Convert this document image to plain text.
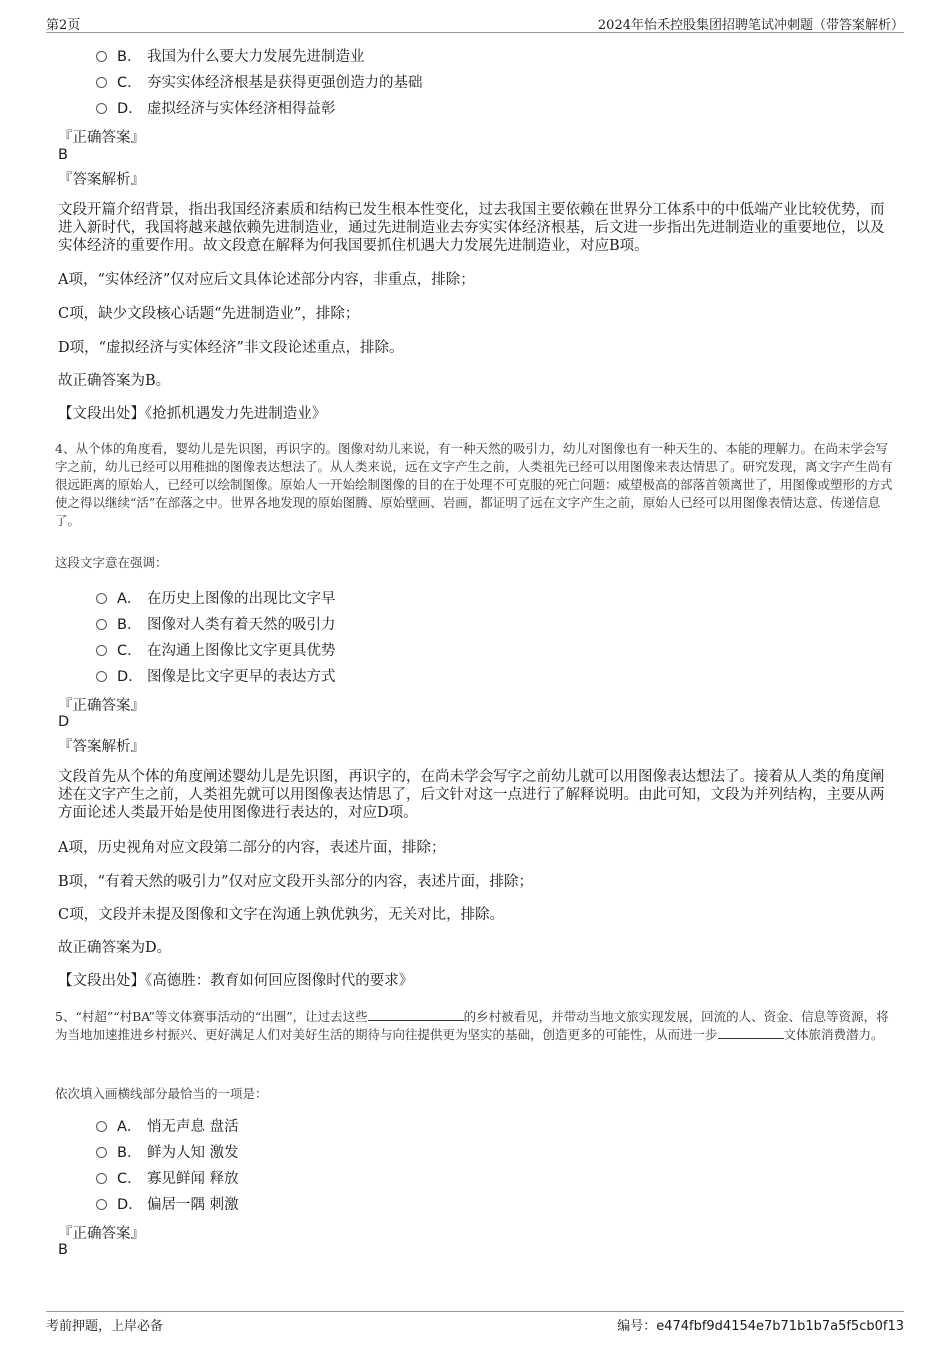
第2页	2024年怡禾控股集团招聘笔试冲刺题（带答案解析）
B. 我国为什么要大力发展先进制造业
C. 夯实实体经济根基是获得更强创造力的基础
D. 虚拟经济与实体经济相得益彰
『正确答案』
B
『答案解析』
文段开篇介绍背景，指出我国经济素质和结构已发生根本性变化，过去我国主要依赖在世界分工体系中的中低端产业比较优势，而进入新时代，我国将越来越依赖先进制造业，通过先进制造业去夯实实体经济根基，后文进一步指出先进制造业的重要地位，以及实体经济的重要作用。故文段意在解释为何我国要抓住机遇大力发展先进制造业，对应B项。
A项，“实体经济”仅对应后文具体论述部分内容，非重点，排除；
C项，缺少文段核心话题“先进制造业”，排除；
D项，“虚拟经济与实体经济”非文段论述重点，排除。
故正确答案为B。
【文段出处】《抢抓机遇发力先进制造业》
4、从个体的角度看，婴幼儿是先识图，再识字的。图像对幼儿来说，有一种天然的吸引力，幼儿对图像也有一种天生的、本能的理解力。在尚未学会写字之前，幼儿已经可以用稚拙的图像表达想法了。从人类来说，远在文字产生之前，人类祖先已经可以用图像来表达情思了。研究发现，离文字产生尚有很远距离的原始人，已经可以绘制图像。原始人一开始绘制图像的目的在于处理不可克服的死亡问题：威望极高的部落首领离世了，用图像或塑形的方式使之得以继续“活”在部落之中。世界各地发现的原始图腾、原始壁画、岩画，都证明了远在文字产生之前，原始人已经可以用图像表情达意、传递信息了。
这段文字意在强调：
A． 在历史上图像的出现比文字早
B. 图像对人类有着天然的吸引力
C. 在沟通上图像比文字更具优势
D. 图像是比文字更早的表达方式
『正确答案』
D
『答案解析』
文段首先从个体的角度阐述婴幼儿是先识图，再识字的，在尚未学会写字之前幼儿就可以用图像表达想法了。接着从人类的角度阐述在文字产生之前，人类祖先就可以用图像表达情思了，后文针对这一点进行了解释说明。由此可知，文段为并列结构，主要从两方面论述人类最开始是使用图像进行表达的，对应D项。
A项，历史视角对应文段第二部分的内容，表述片面，排除；
B项，“有着天然的吸引力”仅对应文段开头部分的内容，表述片面，排除；
C项，文段并未提及图像和文字在沟通上孰优孰劣，无关对比，排除。
故正确答案为D。
【文段出处】《高德胜：教育如何回应图像时代的要求》
5、“村超”“村BA”等文体赛事活动的“出圈”，让过去这些	的乡村被看见，并带动当地文旅实现发展，回流的人、资金、信息等资源，将为当地加速推进乡村振兴、更好满足人们对美好生活的期待与向往提供更为坚实的基础，创造更多的可能性，从而进一步	文体旅消费潜力。
依次填入画横线部分最恰当的一项是：
A． 悄无声息 盘活
B. 鲜为人知 激发
C. 寡见鲜闻 释放
D. 偏居一隅 刺激
『正确答案』
B
考前押题，上岸必备	编号：e474fbf9d4154e7b71b1b7a5f5cb0f13
